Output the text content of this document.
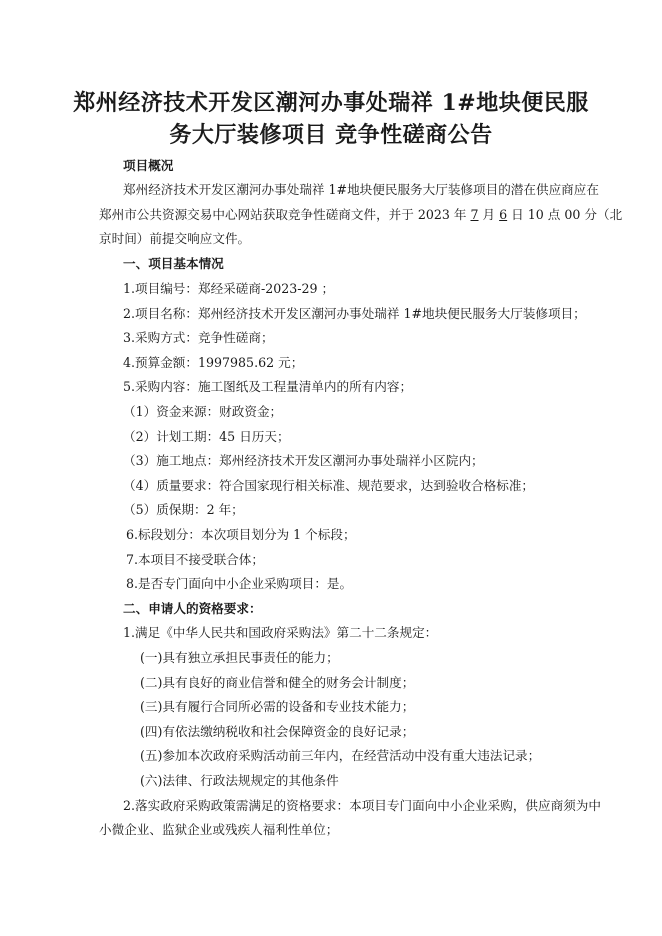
郑州经济技术开发区潮河办事处瑞祥 1#地块便民服
务大厅装修项目 竞争性磋商公告
项目概况
郑州经济技术开发区潮河办事处瑞祥 1#地块便民服务大厅装修项目的潜在供应商应在
郑州市公共资源交易中心网站获取竞争性磋商文件，并于 2023 年 7 月 6 日 10 点 00 分（北
京时间）前提交响应文件。
一、项目基本情况
1.项目编号：郑经采磋商-2023-29 ；
2.项目名称：郑州经济技术开发区潮河办事处瑞祥 1#地块便民服务大厅装修项目；
3.采购方式：竞争性磋商；
4.预算金额：1997985.62 元；
5.采购内容：施工图纸及工程量清单内的所有内容；
（1）资金来源：财政资金；
（2）计划工期：45 日历天；
（3）施工地点：郑州经济技术开发区潮河办事处瑞祥小区院内；
（4）质量要求：符合国家现行相关标准、规范要求，达到验收合格标准；
（5）质保期：2 年；
6.标段划分：本次项目划分为 1 个标段；
7.本项目不接受联合体；
8.是否专门面向中小企业采购项目：是。
二、申请人的资格要求：
1.满足《中华人民共和国政府采购法》第二十二条规定：
(一)具有独立承担民事责任的能力；
(二)具有良好的商业信誉和健全的财务会计制度；
(三)具有履行合同所必需的设备和专业技术能力；
(四)有依法缴纳税收和社会保障资金的良好记录；
(五)参加本次政府采购活动前三年内，在经营活动中没有重大违法记录；
(六)法律、行政法规规定的其他条件
2.落实政府采购政策需满足的资格要求：本项目专门面向中小企业采购，供应商须为中
小微企业、监狱企业或残疾人福利性单位；
